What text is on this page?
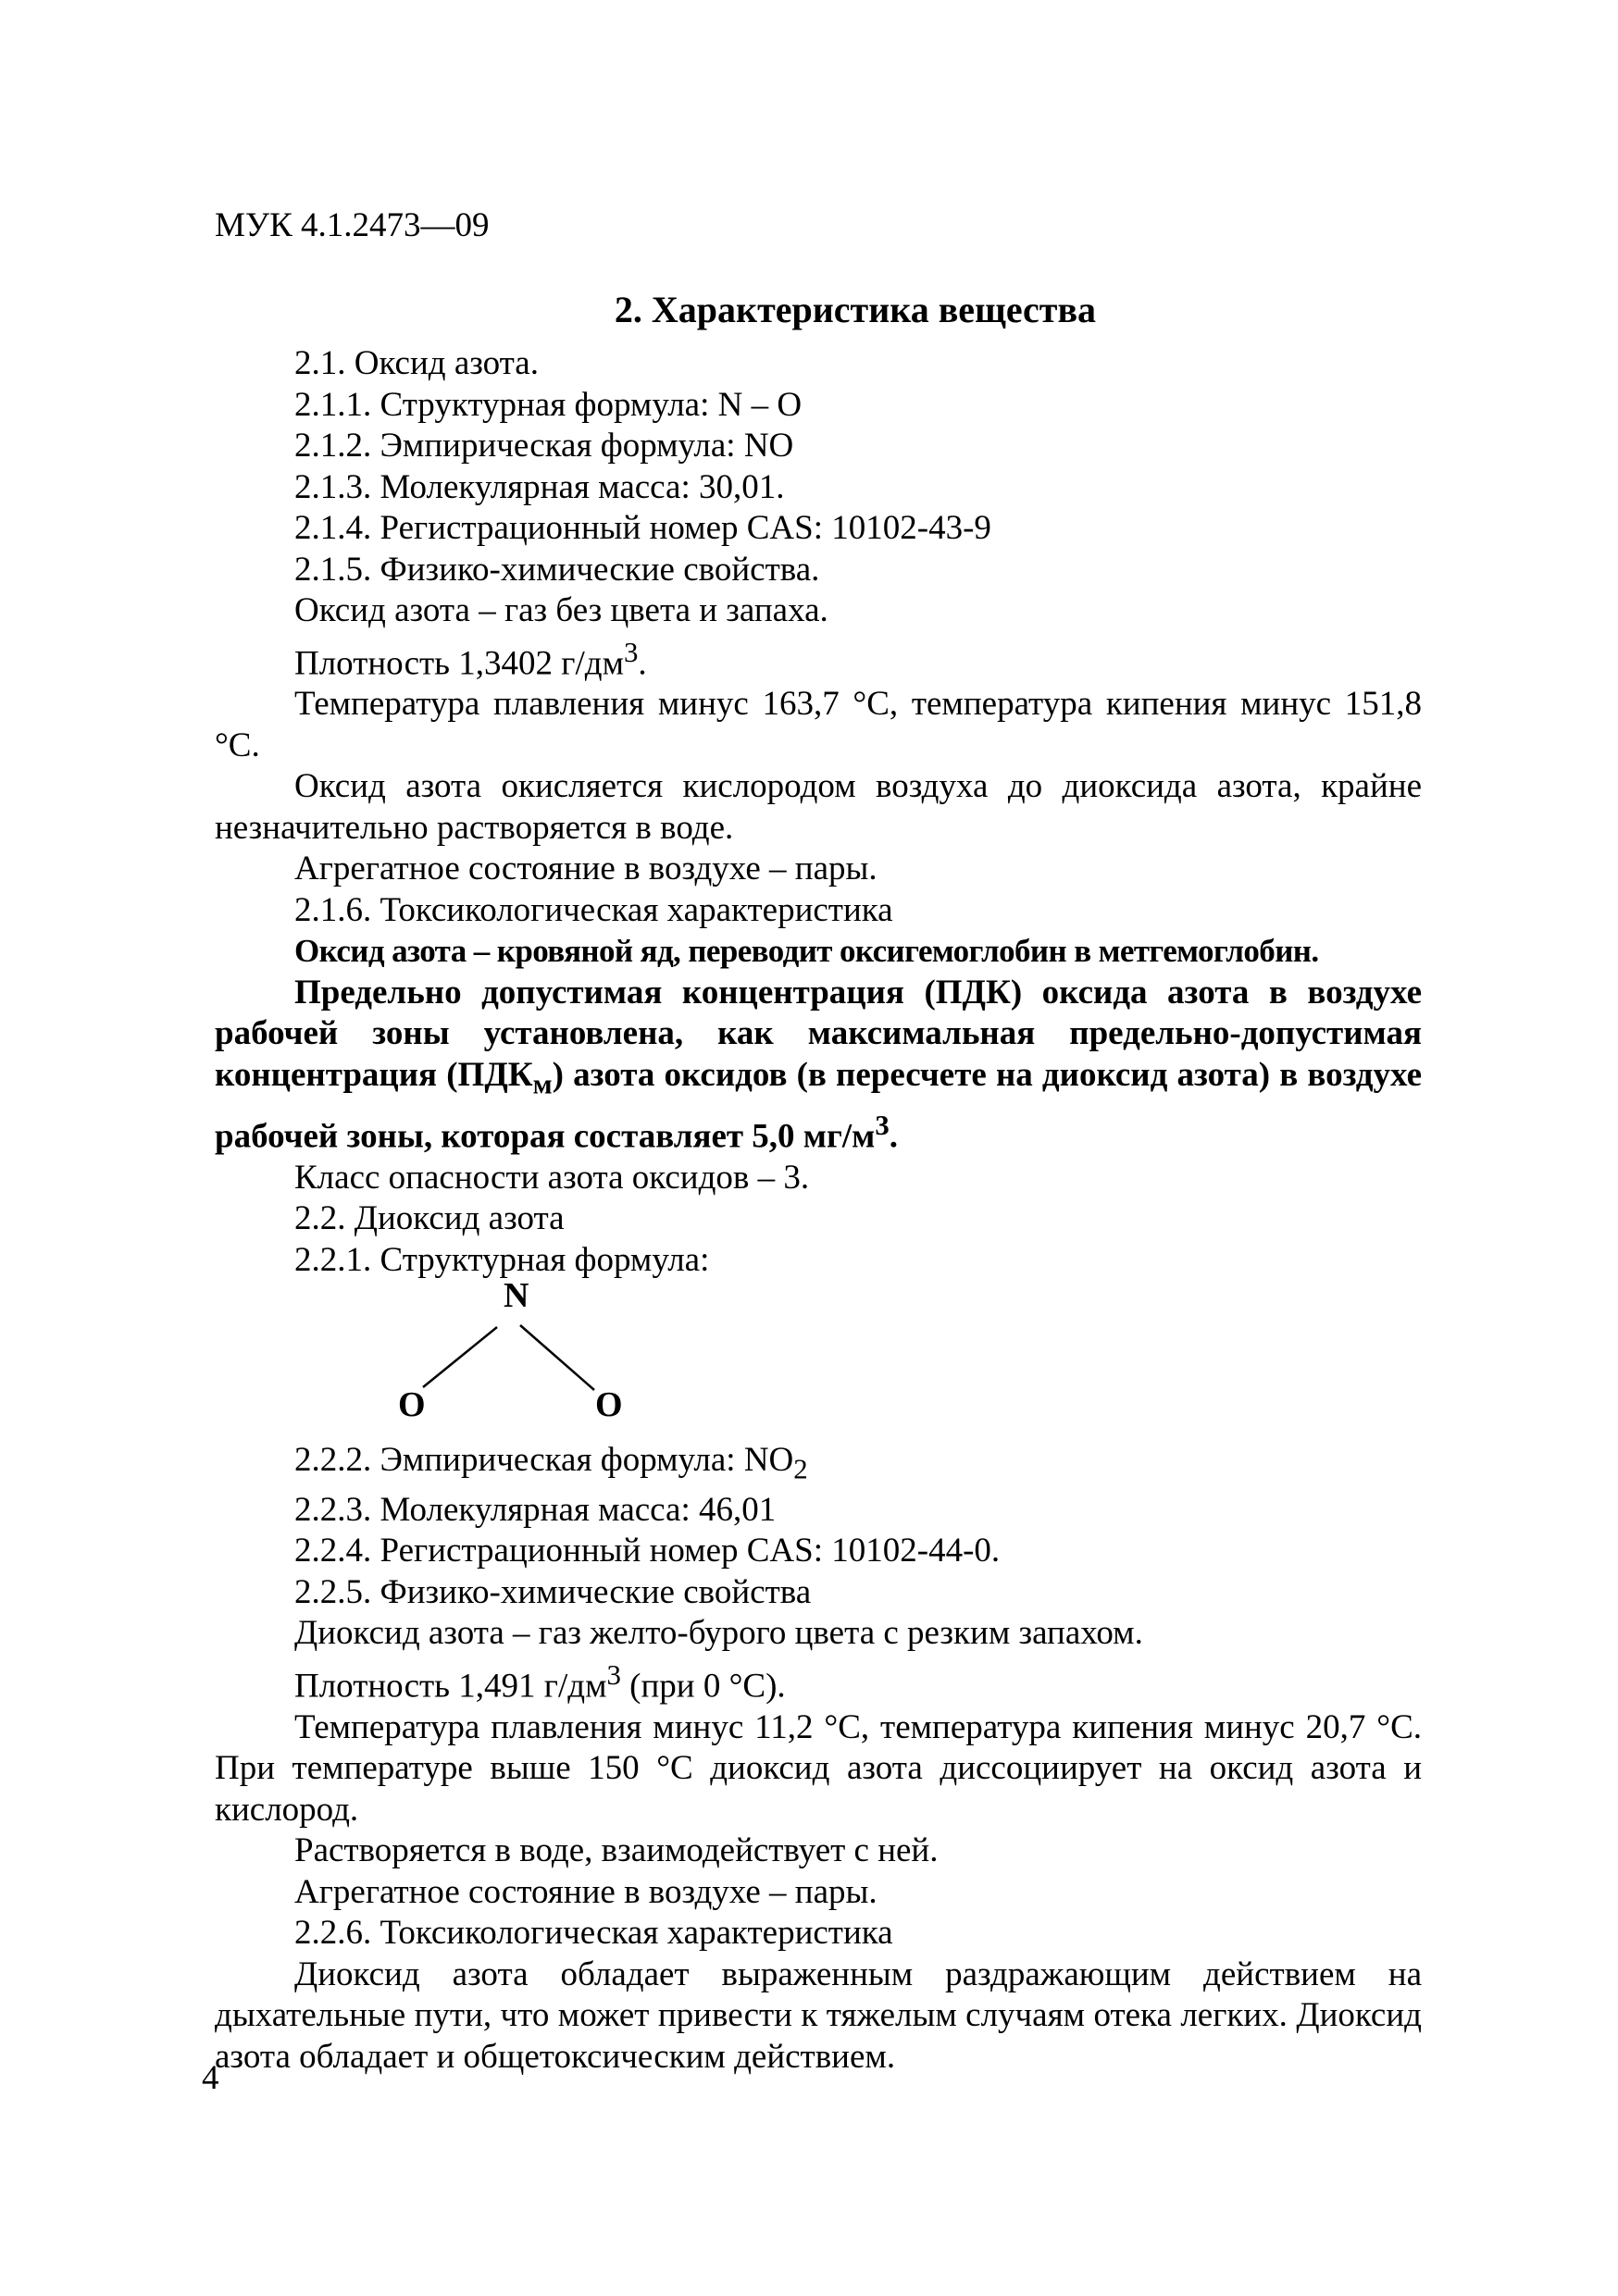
МУК 4.1.2473—09
2. Характеристика вещества

2.1. Оксид азота.

2.1.1. Структурная формула: N – O

2.1.2. Эмпирическая формула: NO

2.1.3. Молекулярная масса: 30,01.

2.1.4. Регистрационный номер CAS: 10102-43-9

2.1.5. Физико-химические свойства.

Оксид азота – газ без цвета и запаха.

Плотность 1,3402 $г/дм^3$.

Температура плавления минус 163,7 °С, температура кипения минус 151,8 °С.

Оксид азота окисляется кислородом воздуха до диоксида азота, крайне незначительно растворяется в воде.

Агрегатное состояние в воздухе – пары.

2.1.6. Токсикологическая характеристика

Оксид азота – кровяной яд, переводит оксигемоглобин в метгемоглобин.

Предельно допустимая концентрация (ПДК) оксида азота в воздухе рабочей зоны установлена, как максимальная предельно-допустимая концентрация $(ПДК_м)$ азота оксидов (в пересчете на диоксид азота) в воздухе рабочей зоны, которая составляет 5,0 $мг/м^3$.

Класс опасности азота оксидов – 3.

2.2. Диоксид азота

2.2.1. Структурная формула:

N
O	O

2.2.2. Эмпирическая формула: $NO_2$

2.2.3. Молекулярная масса: 46,01

2.2.4. Регистрационный номер CAS: 10102-44-0.

2.2.5. Физико-химические свойства

Диоксид азота – газ желто-бурого цвета с резким запахом.

Плотность 1,491 $г/дм^3$ (при 0 °С).

Температура плавления минус 11,2 °С, температура кипения минус 20,7 °С. При температуре выше 150 °С диоксид азота диссоциирует на оксид азота и кислород.

Растворяется в воде, взаимодействует с ней.

Агрегатное состояние в воздухе – пары.

2.2.6. Токсикологическая характеристика

Диоксид азота обладает выраженным раздражающим действием на дыхательные пути, что может привести к тяжелым случаям отека легких. Диоксид азота обладает и общетоксическим действием.

4
